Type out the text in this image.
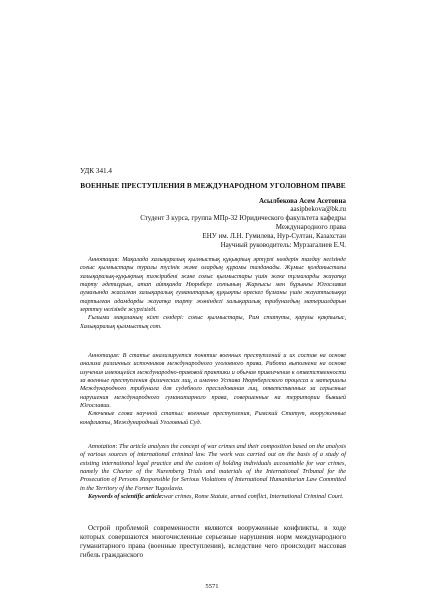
УДК 341.4
ВОЕННЫЕ ПРЕСТУПЛЕНИЯ В МЕЖДУНАРОДНОМ УГОЛОВНОМ ПРАВЕ
Асылбекова Асем Асетовна
aasipbekova@bk.ru
Студент 3 курса, группа МПр-32 Юридического факультета кафедры
Международного права
ЕНУ им. Л.Н. Гумилева, Нур-Султан, Казахстан
Научный руководитель: Мурзагалиев Е.Ч.

Аннотация: Мақалада халықаралық қылмыстық құқықтың әртүрлі көздерін талдау негізінде соғыс қылмыстары туралы түсінік және олардың құрамы талданады. Жұмыс қолданыстағы халықаралық-құқықтық тәжірибені және соғыс қылмыстары үшін жеке тұлғаларды жауапқа тарту әдетиұрын, атап айтқанда Нюрнберг сотының Жарғысы мен бұрынғы Югославия аумағында жасалған халықаралық гуманитарлық құқықты өрескел бұзғаны үшін жауаптылыққа тартылған адамдарды жауапқа тарту жөніндегі халықаралық трибуналдың материалдарын зерттеу негізінде жүргізілді.

Ғылыми мақаланың кілт сөздері: соғыс қылмыстары, Рим статуты, қарулы қақтығыс, Халықаралық қылмыстық сот.

Аннотация: В статье анализируется понятие военных преступлений и их состав на основе анализа различных источников международного уголовного права. Работа выполнена на основе изучения имеющейся международно-правовой практики и обычая привлечения к ответственности за военные преступления физических лиц, а именно Устава Нюрнбергского процесса и материалы Международного трибунала для судебного преследования лиц, ответственных за серьезные нарушения международного гуманитарного права, совершенные на территории бывшей Югославии.

Ключевые слова научной статьи: военные преступления, Римский Статут, вооруженные конфликты, Международный Уголовный Суд.

Annotation: The article analyzes the concept of war crimes and their composition based on the analysis of various sources of international criminal law. The work was carried out on the basis of a study of existing international legal practice and the custom of holding individuals accountable for war crimes, namely the Charter of the Nuremberg Trials and materials of the International Tribunal for the Prosecution of Persons Responsible for Serious Violations of International Humanitarian Law Committed in the Territory of the Former Yugoslavia.

Keywords of scientific article:war crimes, Rome Statute, armed conflict, International Criminal Court.

Острой проблемой современности являются вооруженные конфликты, в ходе которых совершаются многочисленные серьезные нарушения норм международного гуманитарного права (военные преступления), вследствие чего происходит массовая гибель гражданского

5571
